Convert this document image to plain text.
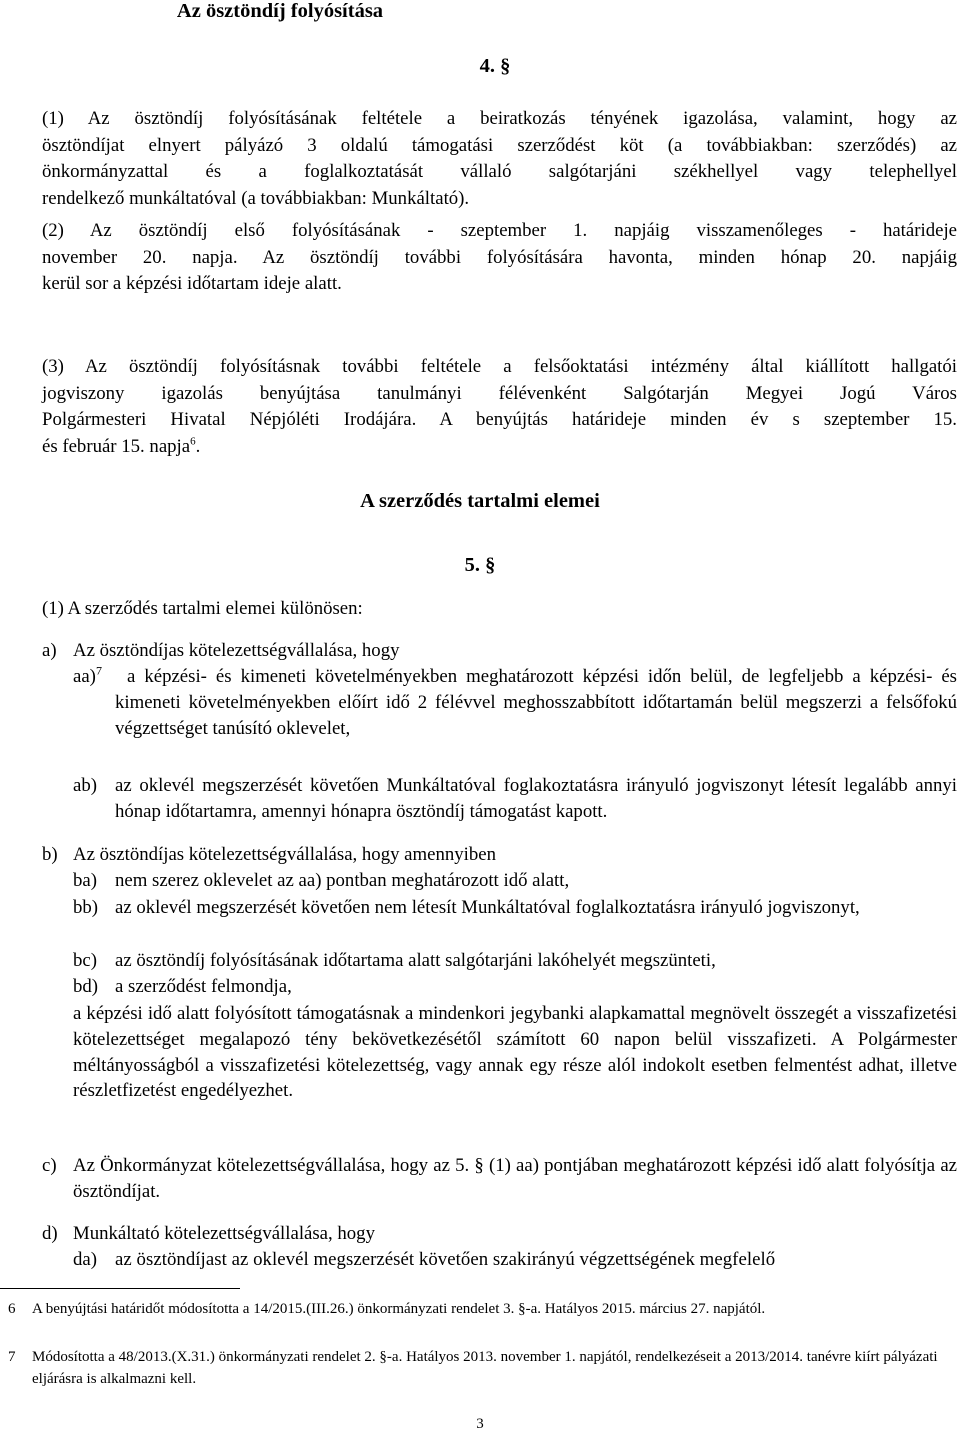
Az ösztöndíj folyósítása
4. §
(1) Az ösztöndíj folyósításának feltétele a beiratkozás tényének igazolása, valamint, hogy az
ösztöndíjat elnyert pályázó 3 oldalú támogatási szerződést köt (a továbbiakban: szerződés) az
önkormányzattal és a foglalkoztatását vállaló salgótarjáni székhellyel vagy telephellyel
rendelkező munkáltatóval (a továbbiakban: Munkáltató).
(2) Az ösztöndíj első folyósításának - szeptember 1. napjáig visszamenőleges - határideje
november 20. napja. Az ösztöndíj további folyósítására havonta, minden hónap 20. napjáig
kerül sor a képzési időtartam ideje alatt.
(3) Az ösztöndíj folyósításnak további feltétele a felsőoktatási intézmény által kiállított hallgatói
jogviszony igazolás benyújtása tanulmányi félévenként Salgótarján Megyei Jogú Város
Polgármesteri Hivatal Népjóléti Irodájára. A benyújtás határideje minden év s szeptember 15.
és február 15. napja$^6$.
A szerződés tartalmi elemei
5. §
(1) A szerződés tartalmi elemei különösen:
a) Az ösztöndíjas kötelezettségvállalása, hogy
aa)$^7$	a képzési- és kimeneti követelményekben meghatározott képzési időn belül, de legfeljebb a képzési- és kimeneti követelményekben előírt idő 2 félévvel meghosszabbított időtartamán belül megszerzi a felsőfokú végzettséget tanúsító oklevelet,
ab) az oklevél megszerzését követően Munkáltatóval foglakoztatásra irányuló jogviszonyt létesít legalább annyi hónap időtartamra, amennyi hónapra ösztöndíj támogatást kapott.
b) Az ösztöndíjas kötelezettségvállalása, hogy amennyiben
ba) nem szerez oklevelet az aa) pontban meghatározott idő alatt,
bb) az oklevél megszerzését követően nem létesít Munkáltatóval foglalkoztatásra irányuló jogviszonyt,
bc) az ösztöndíj folyósításának időtartama alatt salgótarjáni lakóhelyét megszünteti,
bd) a szerződést felmondja,
a képzési idő alatt folyósított támogatásnak a mindenkori jegybanki alapkamattal megnövelt összegét a visszafizetési kötelezettséget megalapozó tény bekövetkezésétől számított 60 napon belül visszafizeti. A Polgármester méltányosságból a visszafizetési kötelezettség, vagy annak egy része alól indokolt esetben felmentést adhat, illetve részletfizetést engedélyezhet.
c) Az Önkormányzat kötelezettségvállalása, hogy az 5. § (1) aa) pontjában meghatározott képzési idő alatt folyósítja az ösztöndíjat.
d) Munkáltató kötelezettségvállalása, hogy
da) az ösztöndíjast az oklevél megszerzését követően szakirányú végzettségének megfelelő
6 A benyújtási határidőt módosította a 14/2015.(III.26.) önkormányzati rendelet 3. §-a. Hatályos 2015. március 27. napjától.
7 Módosította a 48/2013.(X.31.) önkormányzati rendelet 2. §-a. Hatályos 2013. november 1. napjától, rendelkezéseit a 2013/2014. tanévre kiírt pályázati eljárásra is alkalmazni kell.
3
